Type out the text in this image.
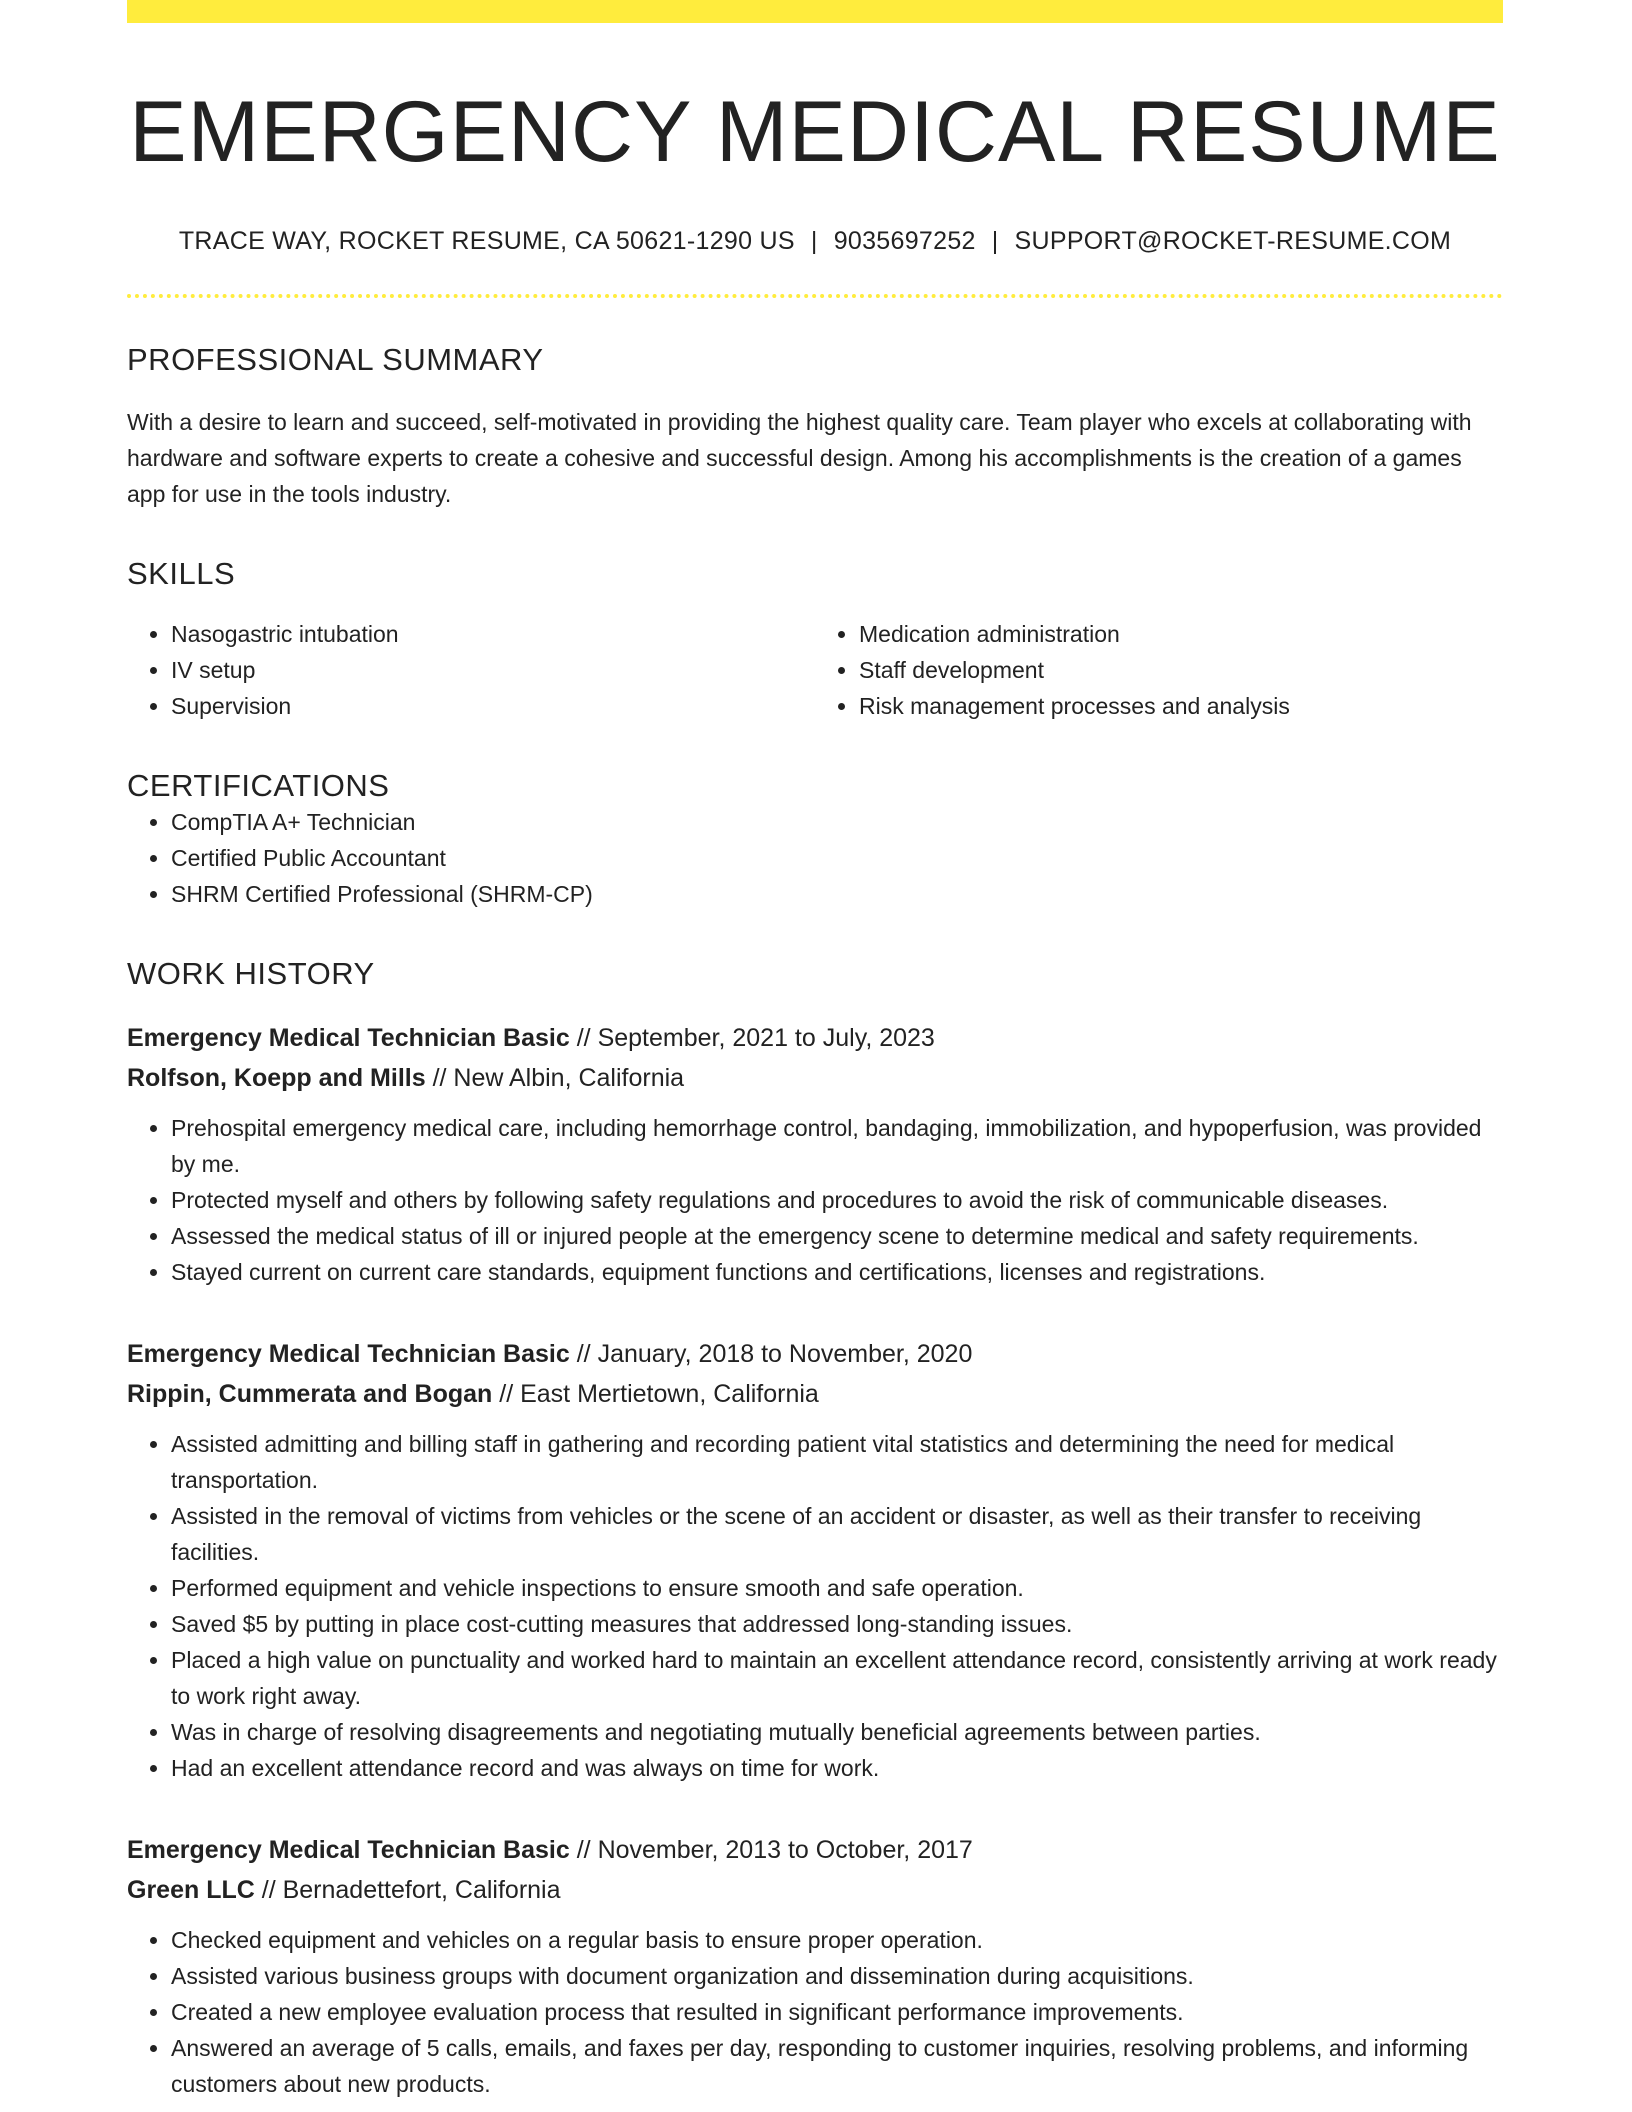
EMERGENCY MEDICAL RESUME
TRACE WAY, ROCKET RESUME, CA 50621-1290 US | 9035697252 | SUPPORT@ROCKET-RESUME.COM
PROFESSIONAL SUMMARY

With a desire to learn and succeed, self-motivated in providing the highest quality care. Team player who excels at collaborating with hardware and software experts to create a cohesive and successful design. Among his accomplishments is the creation of a games app for use in the tools industry.

SKILLS
• Nasogastric intubation
• IV setup
• Supervision
• Medication administration
• Staff development
• Risk management processes and analysis
CERTIFICATIONS
• CompTIA A+ Technician
• Certified Public Accountant
• SHRM Certified Professional (SHRM-CP)
WORK HISTORY
Emergency Medical Technician Basic // September, 2021 to July, 2023
Rolfson, Koepp and Mills // New Albin, California
• Prehospital emergency medical care, including hemorrhage control, bandaging, immobilization, and hypoperfusion, was provided by me.
• Protected myself and others by following safety regulations and procedures to avoid the risk of communicable diseases.
• Assessed the medical status of ill or injured people at the emergency scene to determine medical and safety requirements.
• Stayed current on current care standards, equipment functions and certifications, licenses and registrations.
Emergency Medical Technician Basic // January, 2018 to November, 2020
Rippin, Cummerata and Bogan // East Mertietown, California
• Assisted admitting and billing staff in gathering and recording patient vital statistics and determining the need for medical transportation.
• Assisted in the removal of victims from vehicles or the scene of an accident or disaster, as well as their transfer to receiving facilities.
• Performed equipment and vehicle inspections to ensure smooth and safe operation.
• Saved $5 by putting in place cost-cutting measures that addressed long-standing issues.
• Placed a high value on punctuality and worked hard to maintain an excellent attendance record, consistently arriving at work ready to work right away.
• Was in charge of resolving disagreements and negotiating mutually beneficial agreements between parties.
• Had an excellent attendance record and was always on time for work.
Emergency Medical Technician Basic // November, 2013 to October, 2017
Green LLC // Bernadettefort, California
• Checked equipment and vehicles on a regular basis to ensure proper operation.
• Assisted various business groups with document organization and dissemination during acquisitions.
• Created a new employee evaluation process that resulted in significant performance improvements.
• Answered an average of 5 calls, emails, and faxes per day, responding to customer inquiries, resolving problems, and informing customers about new products.
